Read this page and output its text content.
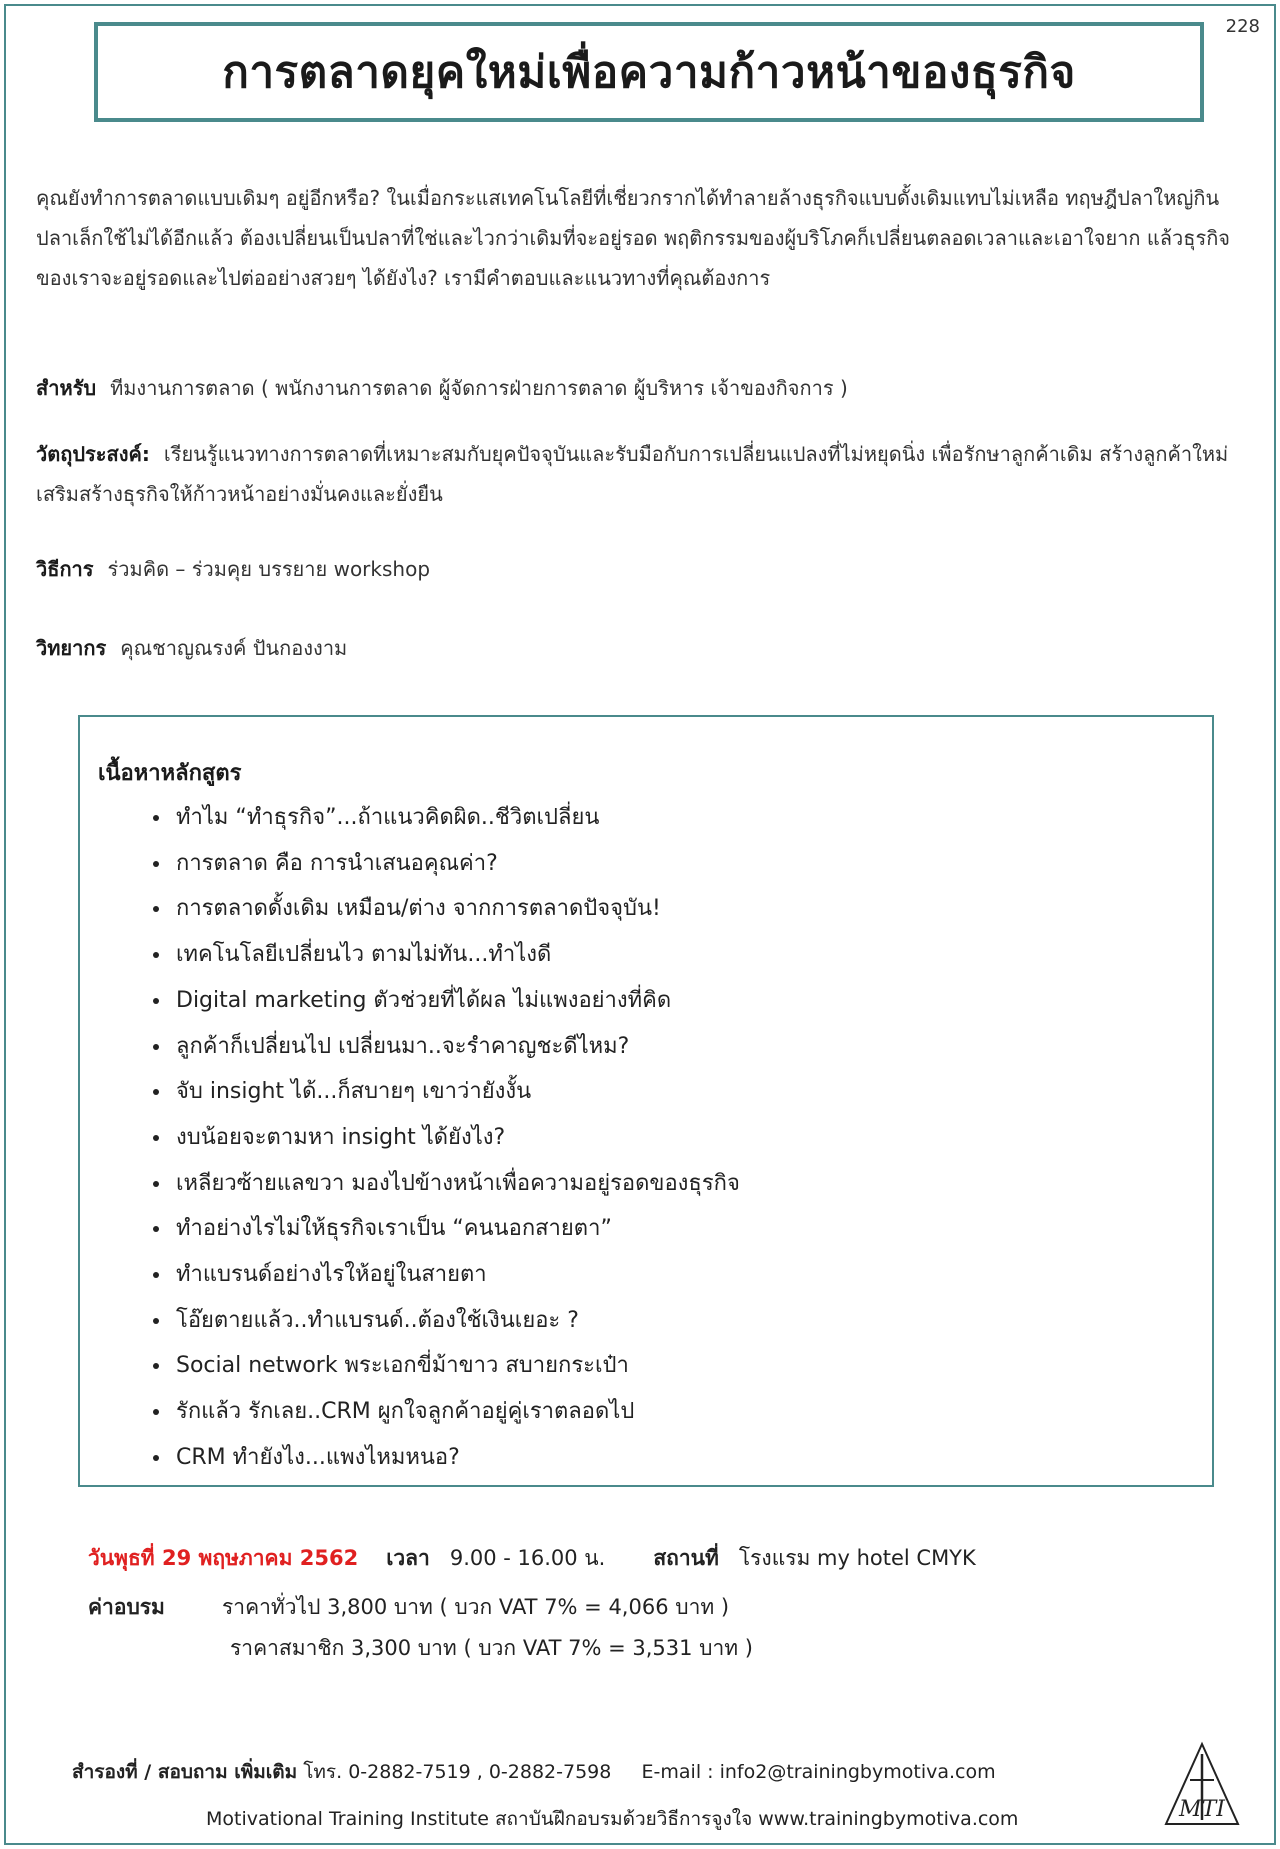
228
การตลาดยุคใหม่เพื่อความก้าวหน้าของธุรกิจ
คุณยังทำการตลาดแบบเดิมๆ อยู่อีกหรือ? ในเมื่อกระแสเทคโนโลยีที่เชี่ยวกรากได้ทำลายล้างธุรกิจแบบดั้งเดิมแทบไม่เหลือ ทฤษฎีปลาใหญ่กินปลาเล็กใช้ไม่ได้อีกแล้ว ต้องเปลี่ยนเป็นปลาที่ใช่และไวกว่าเดิมที่จะอยู่รอด พฤติกรรมของผู้บริโภคก็เปลี่ยนตลอดเวลาและเอาใจยาก แล้วธุรกิจของเราจะอยู่รอดและไปต่ออย่างสวยๆ ได้ยังไง? เรามีคำตอบและแนวทางที่คุณต้องการ
สำหรับ ทีมงานการตลาด ( พนักงานการตลาด ผู้จัดการฝ่ายการตลาด ผู้บริหาร เจ้าของกิจการ )
วัตถุประสงค์: เรียนรู้แนวทางการตลาดที่เหมาะสมกับยุคปัจจุบันและรับมือกับการเปลี่ยนแปลงที่ไม่หยุดนิ่ง เพื่อรักษาลูกค้าเดิม สร้างลูกค้าใหม่ เสริมสร้างธุรกิจให้ก้าวหน้าอย่างมั่นคงและยั่งยืน
วิธีการ ร่วมคิด – ร่วมคุย บรรยาย workshop
วิทยากร คุณชาญณรงค์ ปันกองงาม
เนื้อหาหลักสูตร
• ทำไม “ทำธุรกิจ”...ถ้าแนวคิดผิด..ชีวิตเปลี่ยน
• การตลาด คือ การนำเสนอคุณค่า?
• การตลาดดั้งเดิม เหมือน/ต่าง จากการตลาดปัจจุบัน!
• เทคโนโลยีเปลี่ยนไว ตามไม่ทัน...ทำไงดี
• Digital marketing ตัวช่วยที่ได้ผล ไม่แพงอย่างที่คิด
• ลูกค้าก็เปลี่ยนไป เปลี่ยนมา..จะรำคาญชะดีไหม?
• จับ insight ได้...ก็สบายๆ เขาว่ายังงั้น
• งบน้อยจะตามหา insight ได้ยังไง?
• เหลียวซ้ายแลขวา มองไปข้างหน้าเพื่อความอยู่รอดของธุรกิจ
• ทำอย่างไรไม่ให้ธุรกิจเราเป็น “คนนอกสายตา”
• ทำแบรนด์อย่างไรให้อยู่ในสายตา
• โอ๊ยตายแล้ว..ทำแบรนด์..ต้องใช้เงินเยอะ ?
• Social network พระเอกขี่ม้าขาว สบายกระเป๋า
• รักแล้ว รักเลย..CRM ผูกใจลูกค้าอยู่คู่เราตลอดไป
• CRM ทำยังไง...แพงไหมหนอ?
วันพุธที่ 29 พฤษภาคม 2562 เวลา 9.00 - 16.00 น. สถานที่ โรงแรม my hotel CMYK
ค่าอบรม	ราคาทั่วไป 3,800 บาท ( บวก VAT 7% = 4,066 บาท )
ราคาสมาชิก 3,300 บาท ( บวก VAT 7% = 3,531 บาท )
สำรองที่ / สอบถาม เพิ่มเติม โทร. 0-2882-7519 , 0-2882-7598 E-mail : info2@trainingbymotiva.com
Motivational Training Institute สถาบันฝึกอบรมด้วยวิธีการจูงใจ www.trainingbymotiva.com	MTI
